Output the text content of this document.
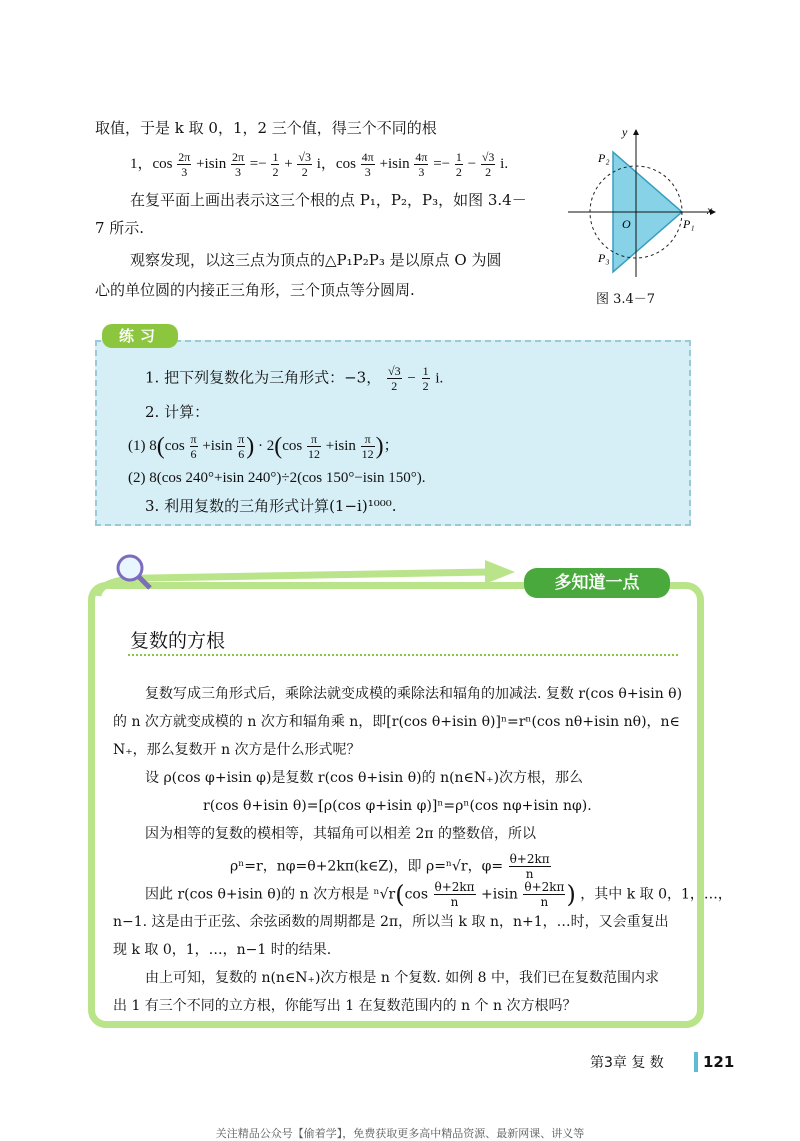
取值，于是 k 取 0，1，2 三个值，得三个不同的根
1，$\cos \frac{2\pi}{3} +isin \frac{2\pi}{3} =- \frac{1}{2} + \frac{√3}{2}$ i，$\cos \frac{4\pi}{3} +isin \frac{4\pi}{3} =- \frac{1}{2} - \frac{√3}{2} i$.
在复平面上画出表示这三个根的点 P₁，P₂，P₃，如图 3.4－
7 所示.
观察发现，以这三点为顶点的△P₁P₂P₃ 是以原点 O 为圆
心的单位圆的内接正三角形，三个顶点等分圆周.
y
x
O	P₁
P₂
P₃
图 3.4－7
练习
1. 把下列复数化为三角形式：−3， $\frac{√3}{2} - \frac{1}{2} i$.
2. 计算：
(1) $8(\cos \frac{\pi}{6} +isin \frac{\pi}{6}$ ) · $2(\cos \frac{\pi}{12} +isin \frac{\pi}{12}$ )；
(2) 8(cos 240°+isin 240°)÷2(cos 150°−isin 150°).
3. 利用复数的三角形式计算(1−i)¹⁰⁰⁰.
多知道一点
复数的方根
复数写成三角形式后，乘除法就变成模的乘除法和辐角的加减法. 复数 r(cos θ+isin θ)
的 n 次方就变成模的 n 次方和辐角乘 n，即[r(cos θ+isin θ)]ⁿ=rⁿ(cos nθ+isin nθ)，n∈
N₊，那么复数开 n 次方是什么形式呢？
设 ρ(cos φ+isin φ)是复数 r(cos θ+isin θ)的 n(n∈N₊)次方根，那么
r(cos θ+isin θ)=[ρ(cos φ+isin φ)]ⁿ=ρⁿ(cos nφ+isin nφ).
因为相等的复数的模相等，其辐角可以相差 2π 的整数倍，所以
ρⁿ=r，nφ=θ+2kπ(k∈Z)，即 ρ=ⁿ√r，$\varphi= \frac{\theta+2k\pi}{n}$
因此 r(cos θ+isin θ)的 n 次方根是 $^n√r(\cos \frac{\theta+2k\pi}{n} +isin \frac{\theta+2k\pi}{n}$ ) ，其中 k 取 0，1，…，
n−1. 这是由于正弦、余弦函数的周期都是 2π，所以当 k 取 n，n+1，…时，又会重复出
现 k 取 0，1，…，n−1 时的结果.
由上可知，复数的 n(n∈N₊)次方根是 n 个复数. 如例 8 中，我们已在复数范围内求
出 1 有三个不同的立方根，你能写出 1 在复数范围内的 n 个 n 次方根吗？
第3章 复 数	121
关注精品公众号【偷着学】，免费获取更多高中精品资源、最新网课、讲义等
